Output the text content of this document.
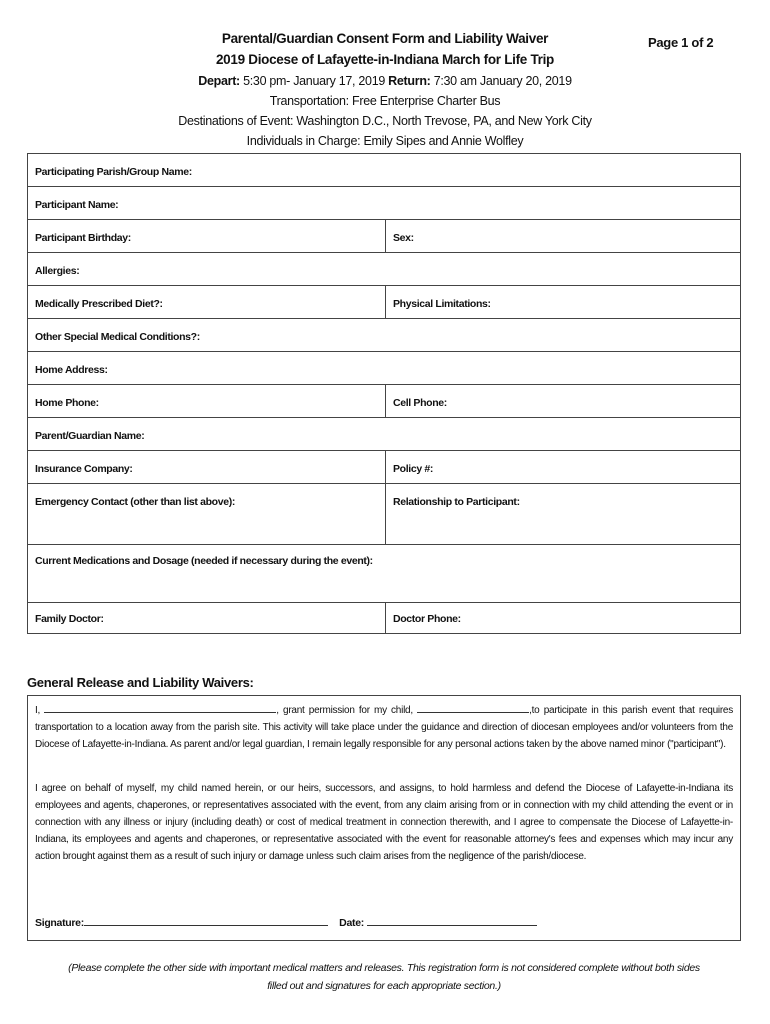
Parental/Guardian Consent Form and Liability Waiver
2019 Diocese of Lafayette-in-Indiana March for Life Trip
Page 1 of 2
Depart: 5:30 pm- January 17, 2019 Return: 7:30 am January 20, 2019
Transportation: Free Enterprise Charter Bus
Destinations of Event: Washington D.C., North Trevose, PA, and New York City
Individuals in Charge: Emily Sipes and Annie Wolfley
Participating Parish/Group Name:
Participant Name:
Participant Birthday:	Sex:
Allergies:
Medically Prescribed Diet?:	Physical Limitations:
Other Special Medical Conditions?:
Home Address:
Home Phone:	Cell Phone:
Parent/Guardian Name:
Insurance Company:	Policy #:
Emergency Contact (other than list above):	Relationship to Participant:
Current Medications and Dosage (needed if necessary during the event):
Family Doctor:	Doctor Phone:
General Release and Liability Waivers:
I,	, grant permission for my child,	,to participate in this parish event that requires transportation to a location away from the parish site. This activity will take place under the guidance and direction of diocesan employees and/or volunteers from the Diocese of Lafayette-in-Indiana. As parent and/or legal guardian, I remain legally responsible for any personal actions taken by the above named minor ("participant").
I agree on behalf of myself, my child named herein, or our heirs, successors, and assigns, to hold harmless and defend the Diocese of Lafayette-in-Indiana its employees and agents, chaperones, or representatives associated with the event, from any claim arising from or in connection with my child attending the event or in connection with any illness or injury (including death) or cost of medical treatment in connection therewith, and I agree to compensate the Diocese of Lafayette-in-Indiana, its employees and agents and chaperones, or representative associated with the event for reasonable attorney's fees and expenses which may incur any action brought against them as a result of such injury or damage unless such claim arises from the negligence of the parish/diocese.
Signature:	Date:
(Please complete the other side with important medical matters and releases. This registration form is not considered complete without both sides
filled out and signatures for each appropriate section.)
